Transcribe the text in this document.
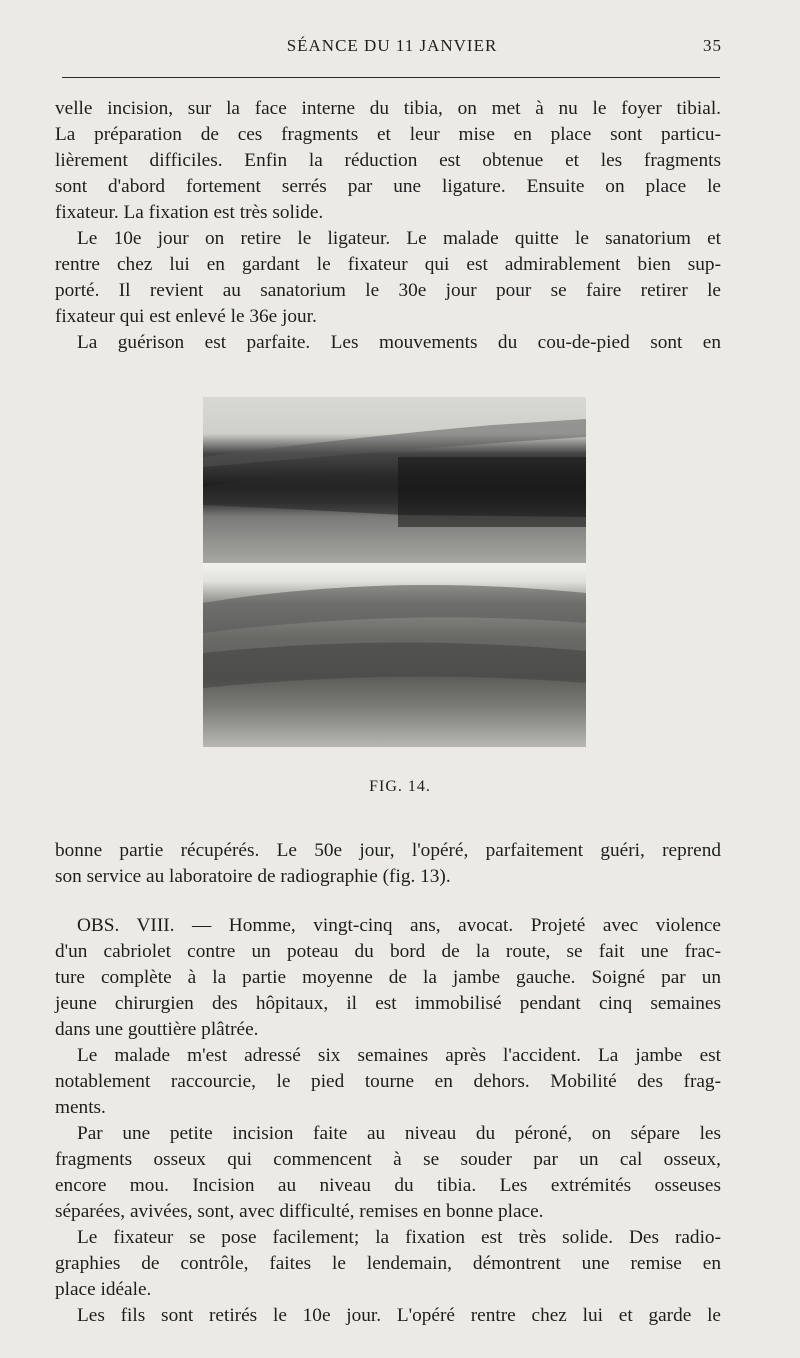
SÉANCE DU 11 JANVIER	35
velle incision, sur la face interne du tibia, on met à nu le foyer tibial.
La préparation de ces fragments et leur mise en place sont particu-
lièrement difficiles. Enfin la réduction est obtenue et les fragments
sont d'abord fortement serrés par une ligature. Ensuite on place le
fixateur. La fixation est très solide.
Le 10e jour on retire le ligateur. Le malade quitte le sanatorium et
rentre chez lui en gardant le fixateur qui est admirablement bien sup-
porté. Il revient au sanatorium le 30e jour pour se faire retirer le
fixateur qui est enlevé le 36e jour.
La guérison est parfaite. Les mouvements du cou-de-pied sont en
FIG. 14.
bonne partie récupérés. Le 50e jour, l'opéré, parfaitement guéri, reprend
son service au laboratoire de radiographie (fig. 13).
OBS. VIII. — Homme, vingt-cinq ans, avocat. Projeté avec violence
d'un cabriolet contre un poteau du bord de la route, se fait une frac-
ture complète à la partie moyenne de la jambe gauche. Soigné par un
jeune chirurgien des hôpitaux, il est immobilisé pendant cinq semaines
dans une gouttière plâtrée.
Le malade m'est adressé six semaines après l'accident. La jambe est
notablement raccourcie, le pied tourne en dehors. Mobilité des frag-
ments.
Par une petite incision faite au niveau du péroné, on sépare les
fragments osseux qui commencent à se souder par un cal osseux,
encore mou. Incision au niveau du tibia. Les extrémités osseuses
séparées, avivées, sont, avec difficulté, remises en bonne place.
Le fixateur se pose facilement; la fixation est très solide. Des radio-
graphies de contrôle, faites le lendemain, démontrent une remise en
place idéale.
Les fils sont retirés le 10e jour. L'opéré rentre chez lui et garde le
